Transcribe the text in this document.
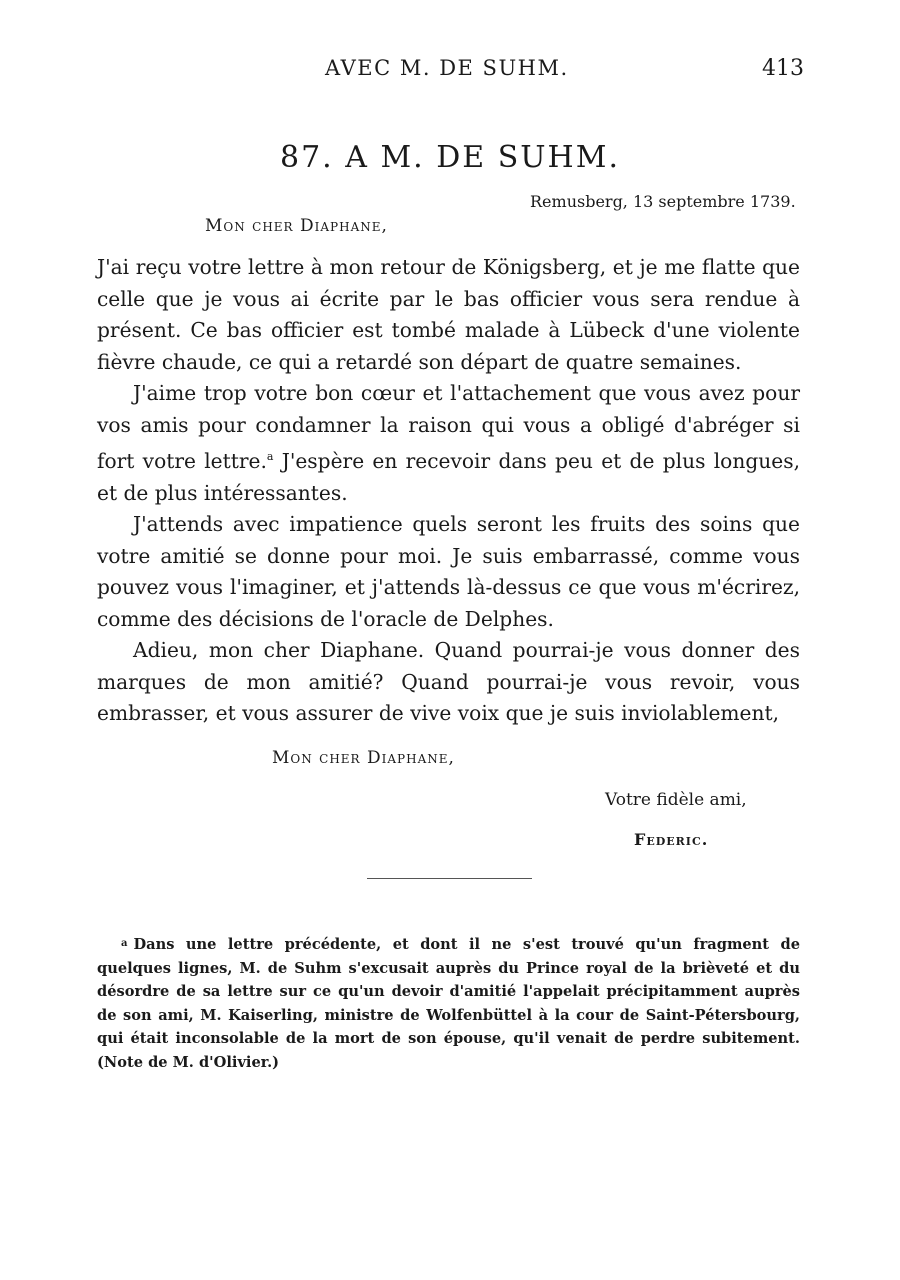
AVEC M. DE SUHM.	413
87. A M. DE SUHM.
Remusberg, 13 septembre 1739.
Mon cher Diaphane,

J'ai reçu votre lettre à mon retour de Königsberg, et je me flatte que celle que je vous ai écrite par le bas officier vous sera rendue à présent. Ce bas officier est tombé malade à Lübeck d'une violente fièvre chaude, ce qui a retardé son départ de quatre semaines.

J'aime trop votre bon cœur et l'attachement que vous avez pour vos amis pour condamner la raison qui vous a obligé d'abréger si fort votre lettre.$^a$ J'espère en recevoir dans peu et de plus longues, et de plus intéressantes.

J'attends avec impatience quels seront les fruits des soins que votre amitié se donne pour moi. Je suis embarrassé, comme vous pouvez vous l'imaginer, et j'attends là-dessus ce que vous m'écrirez, comme des décisions de l'oracle de Delphes.

Adieu, mon cher Diaphane. Quand pourrai-je vous donner des marques de mon amitié? Quand pourrai-je vous revoir, vous embrasser, et vous assurer de vive voix que je suis inviolablement,

Mon cher Diaphane,
Votre fidèle ami,
Federic.

$^a$ Dans une lettre précédente, et dont il ne s'est trouvé qu'un fragment de quelques lignes, M. de Suhm s'excusait auprès du Prince royal de la brièveté et du désordre de sa lettre sur ce qu'un devoir d'amitié l'appelait précipitamment auprès de son ami, M. Kaiserling, ministre de Wolfenbüttel à la cour de Saint-Pétersbourg, qui était inconsolable de la mort de son épouse, qu'il venait de perdre subitement. (Note de M. d'Olivier.)
